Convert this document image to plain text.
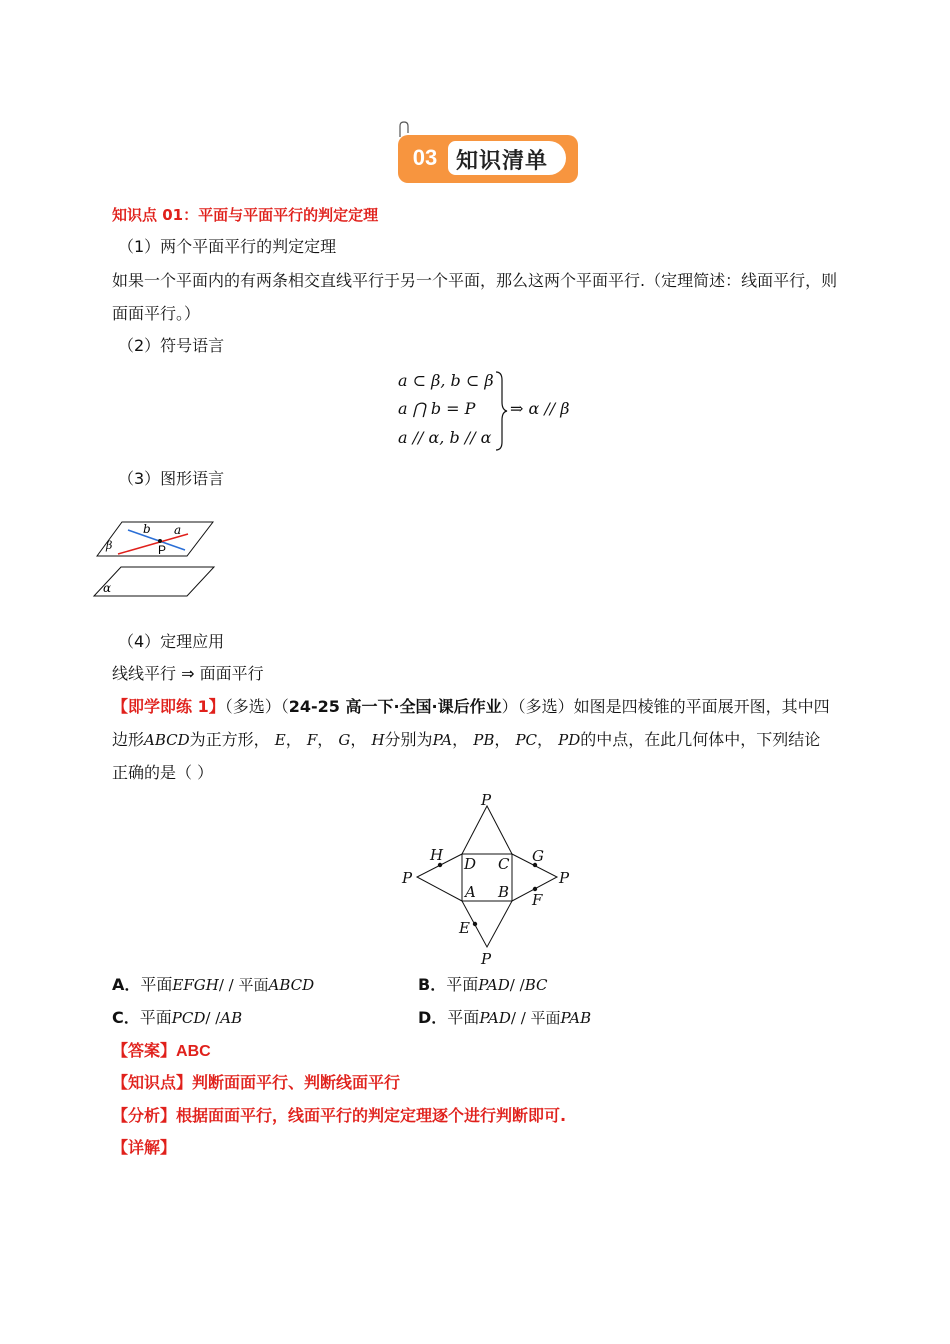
03 知识清单
知识点 01：平面与平面平行的判定定理
（1）两个平面平行的判定定理
如果一个平面内的有两条相交直线平行于另一个平面，那么这两个平面平行.（定理简述：线面平行，则
面面平行。）
（2）符号语言
a ⊂ β, b ⊂ β
a ⋂ b = P
a // α, b // α
⇒ α // β
（3）图形语言
b a
β	P
α
（4）定理应用
线线平行 ⇒ 面面平行
【即学即练 1】（多选）（24-25 高一下·全国·课后作业）（多选）如图是四棱锥的平面展开图，其中四
边形ABCD为正方形， E， F， G， H分别为PA， PB， PC， PD的中点，在此几何体中，下列结论
正确的是（ ）
P
P	P
P
H	G
D C
A B
E
F
A．平面EFGH/ / 平面ABCD	B．平面PAD/ /BC
C．平面PCD/ /AB	D．平面PAD/ / 平面PAB
【答案】ABC
【知识点】判断面面平行、判断线面平行
【分析】根据面面平行，线面平行的判定定理逐个进行判断即可.
【详解】
